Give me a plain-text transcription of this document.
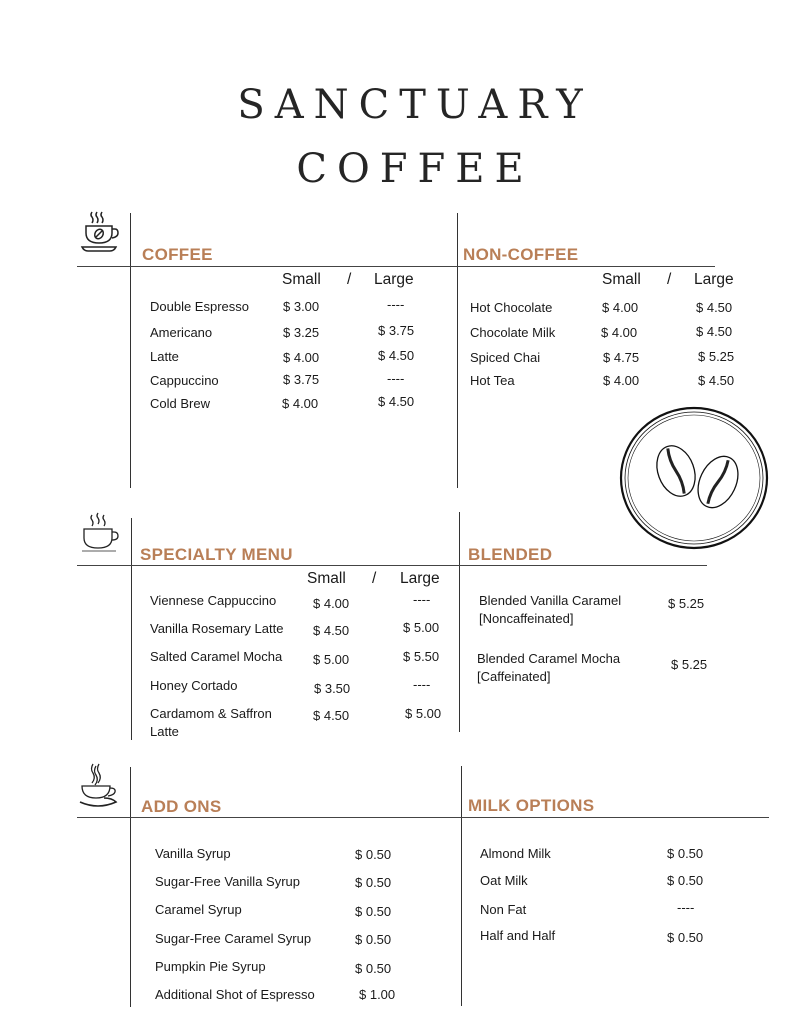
SANCTUARY
COFFEE
COFFEE
Small / Large
Double Espresso	$ 3.00	----
Americano	$ 3.25	$ 3.75
Latte	$ 4.00	$ 4.50
Cappuccino	$ 3.75	----
Cold Brew	$ 4.00	$ 4.50
NON-COFFEE
Small / Large
Hot Chocolate	$ 4.00	$ 4.50
Chocolate Milk	$ 4.00	$ 4.50
Spiced Chai	$ 4.75	$ 5.25
Hot Tea	$ 4.00	$ 4.50
SPECIALTY MENU
Small / Large
Viennese Cappuccino	$ 4.00	----
Vanilla Rosemary Latte $ 4.50	$ 5.00
Salted Caramel Mocha $ 5.00	$ 5.50
Honey Cortado	$ 3.50	----
Cardamom & Saffron
Latte
$ 4.50	$ 5.00
BLENDED
Blended Vanilla Caramel
[Noncaffeinated]
$ 5.25
Blended Caramel Mocha
[Caffeinated]
$ 5.25
ADD ONS
Vanilla Syrup	$ 0.50
Sugar-Free Vanilla Syrup	$ 0.50
Caramel Syrup	$ 0.50
Sugar-Free Caramel Syrup	$ 0.50
Pumpkin Pie Syrup	$ 0.50
Additional Shot of Espresso	$ 1.00
MILK OPTIONS
Almond Milk	$ 0.50
Oat Milk	$ 0.50
Non Fat	----
Half and Half	$ 0.50
